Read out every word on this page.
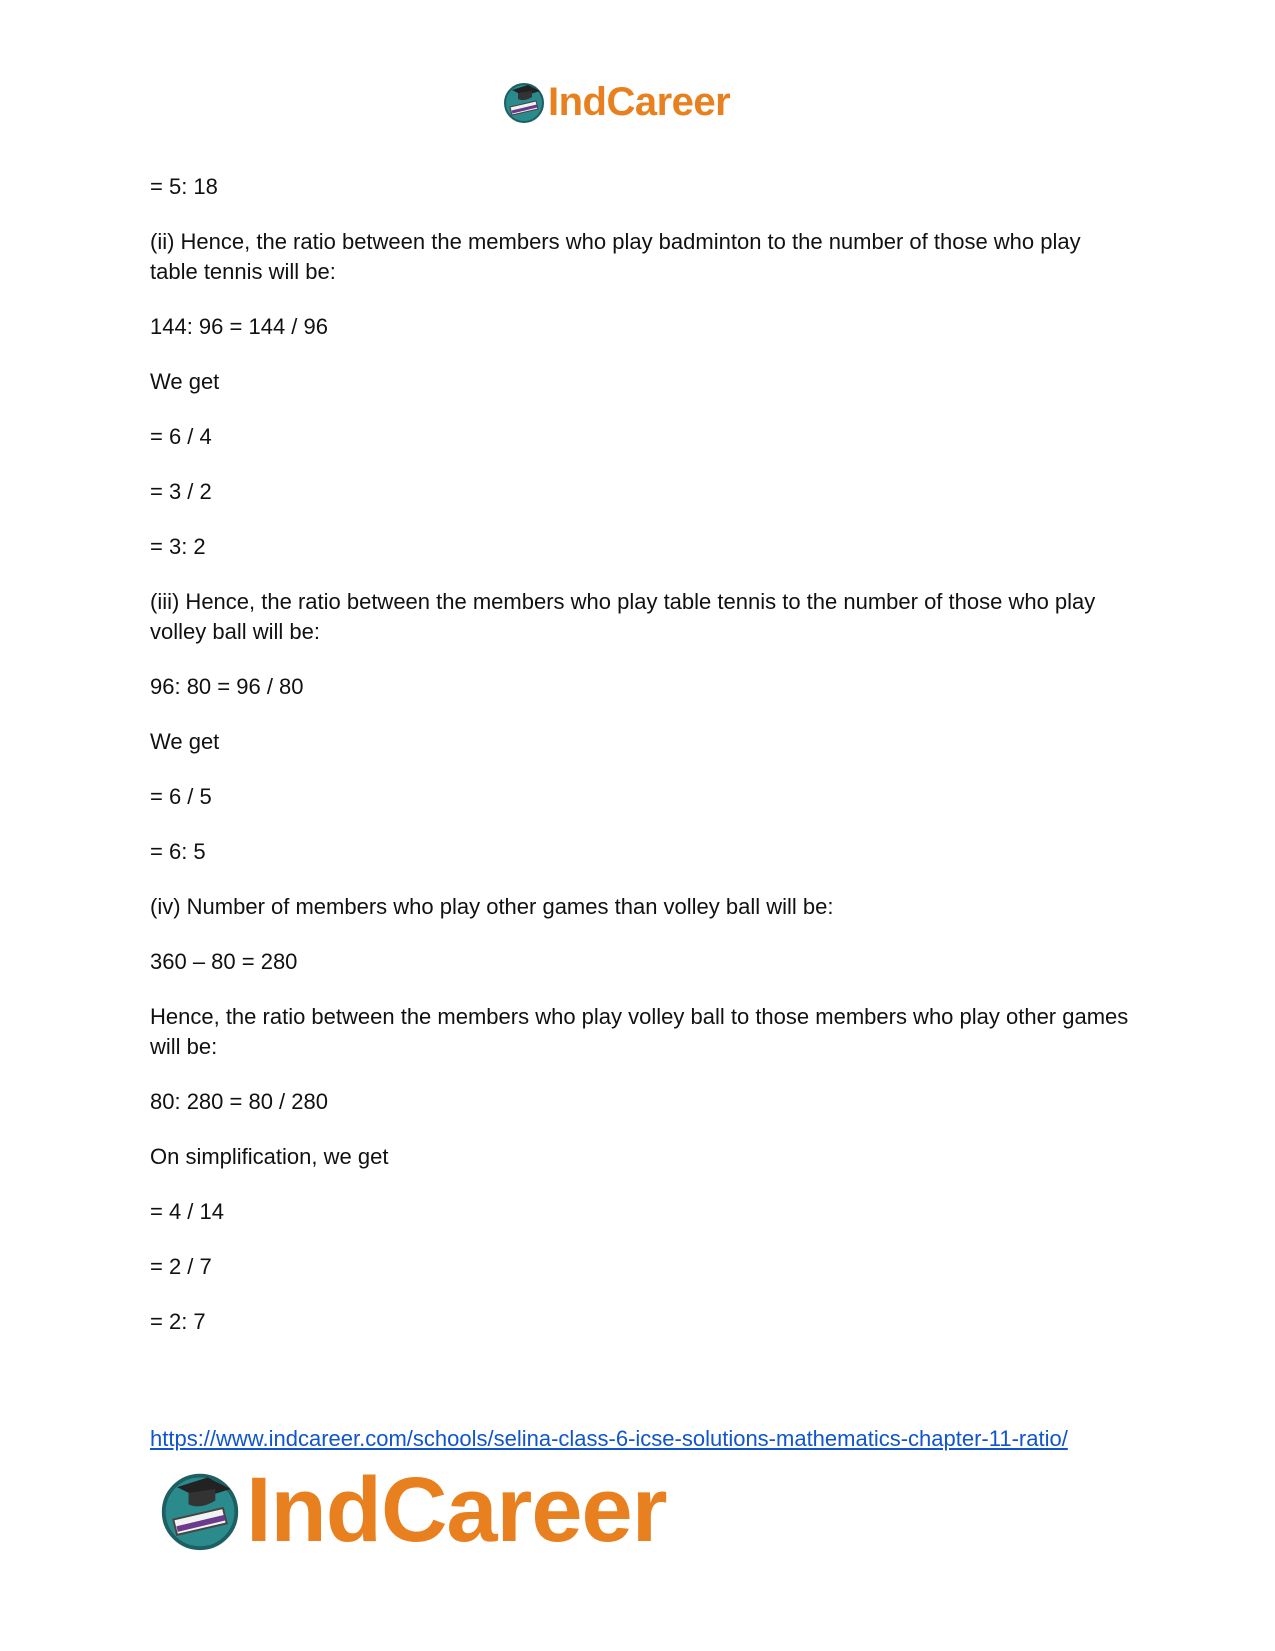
IndCareer

= 5: 18

(ii) Hence, the ratio between the members who play badminton to the number of those who play table tennis will be:

144: 96 = 144 / 96

We get

= 6 / 4

= 3 / 2

= 3: 2

(iii) Hence, the ratio between the members who play table tennis to the number of those who play volley ball will be:

96: 80 = 96 / 80

We get

= 6 / 5

= 6: 5

(iv) Number of members who play other games than volley ball will be:

360 – 80 = 280

Hence, the ratio between the members who play volley ball to those members who play other games will be:

80: 280 = 80 / 280

On simplification, we get

= 4 / 14

= 2 / 7

= 2: 7

https://www.indcareer.com/schools/selina-class-6-icse-solutions-mathematics-chapter-11-ratio/
IndCareer
